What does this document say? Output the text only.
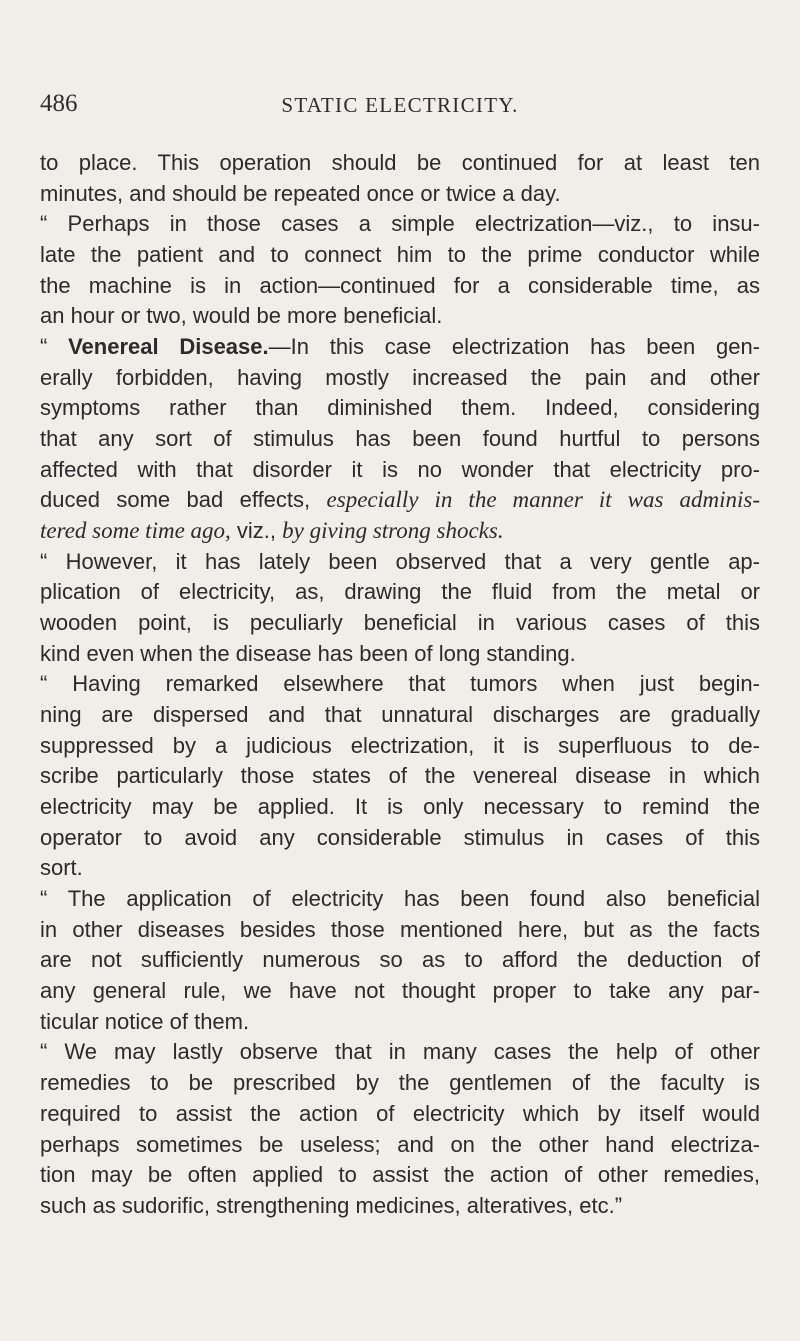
486	STATIC ELECTRICITY.
to place. This operation should be continued for at least ten
minutes, and should be repeated once or twice a day.
“ Perhaps in those cases a simple electrization—viz., to insu-
late the patient and to connect him to the prime conductor while
the machine is in action—continued for a considerable time, as
an hour or two, would be more beneficial.
“ Venereal Disease.—In this case electrization has been gen-
erally forbidden, having mostly increased the pain and other
symptoms rather than diminished them. Indeed, considering
that any sort of stimulus has been found hurtful to persons
affected with that disorder it is no wonder that electricity pro-
duced some bad effects, especially in the manner it was adminis-
tered some time ago, viz., by giving strong shocks.
“ However, it has lately been observed that a very gentle ap-
plication of electricity, as, drawing the fluid from the metal or
wooden point, is peculiarly beneficial in various cases of this
kind even when the disease has been of long standing.
“ Having remarked elsewhere that tumors when just begin-
ning are dispersed and that unnatural discharges are gradually
suppressed by a judicious electrization, it is superfluous to de-
scribe particularly those states of the venereal disease in which
electricity may be applied. It is only necessary to remind the
operator to avoid any considerable stimulus in cases of this
sort.
“ The application of electricity has been found also beneficial
in other diseases besides those mentioned here, but as the facts
are not sufficiently numerous so as to afford the deduction of
any general rule, we have not thought proper to take any par-
ticular notice of them.
“ We may lastly observe that in many cases the help of other
remedies to be prescribed by the gentlemen of the faculty is
required to assist the action of electricity which by itself would
perhaps sometimes be useless; and on the other hand electriza-
tion may be often applied to assist the action of other remedies,
such as sudorific, strengthening medicines, alteratives, etc.”
